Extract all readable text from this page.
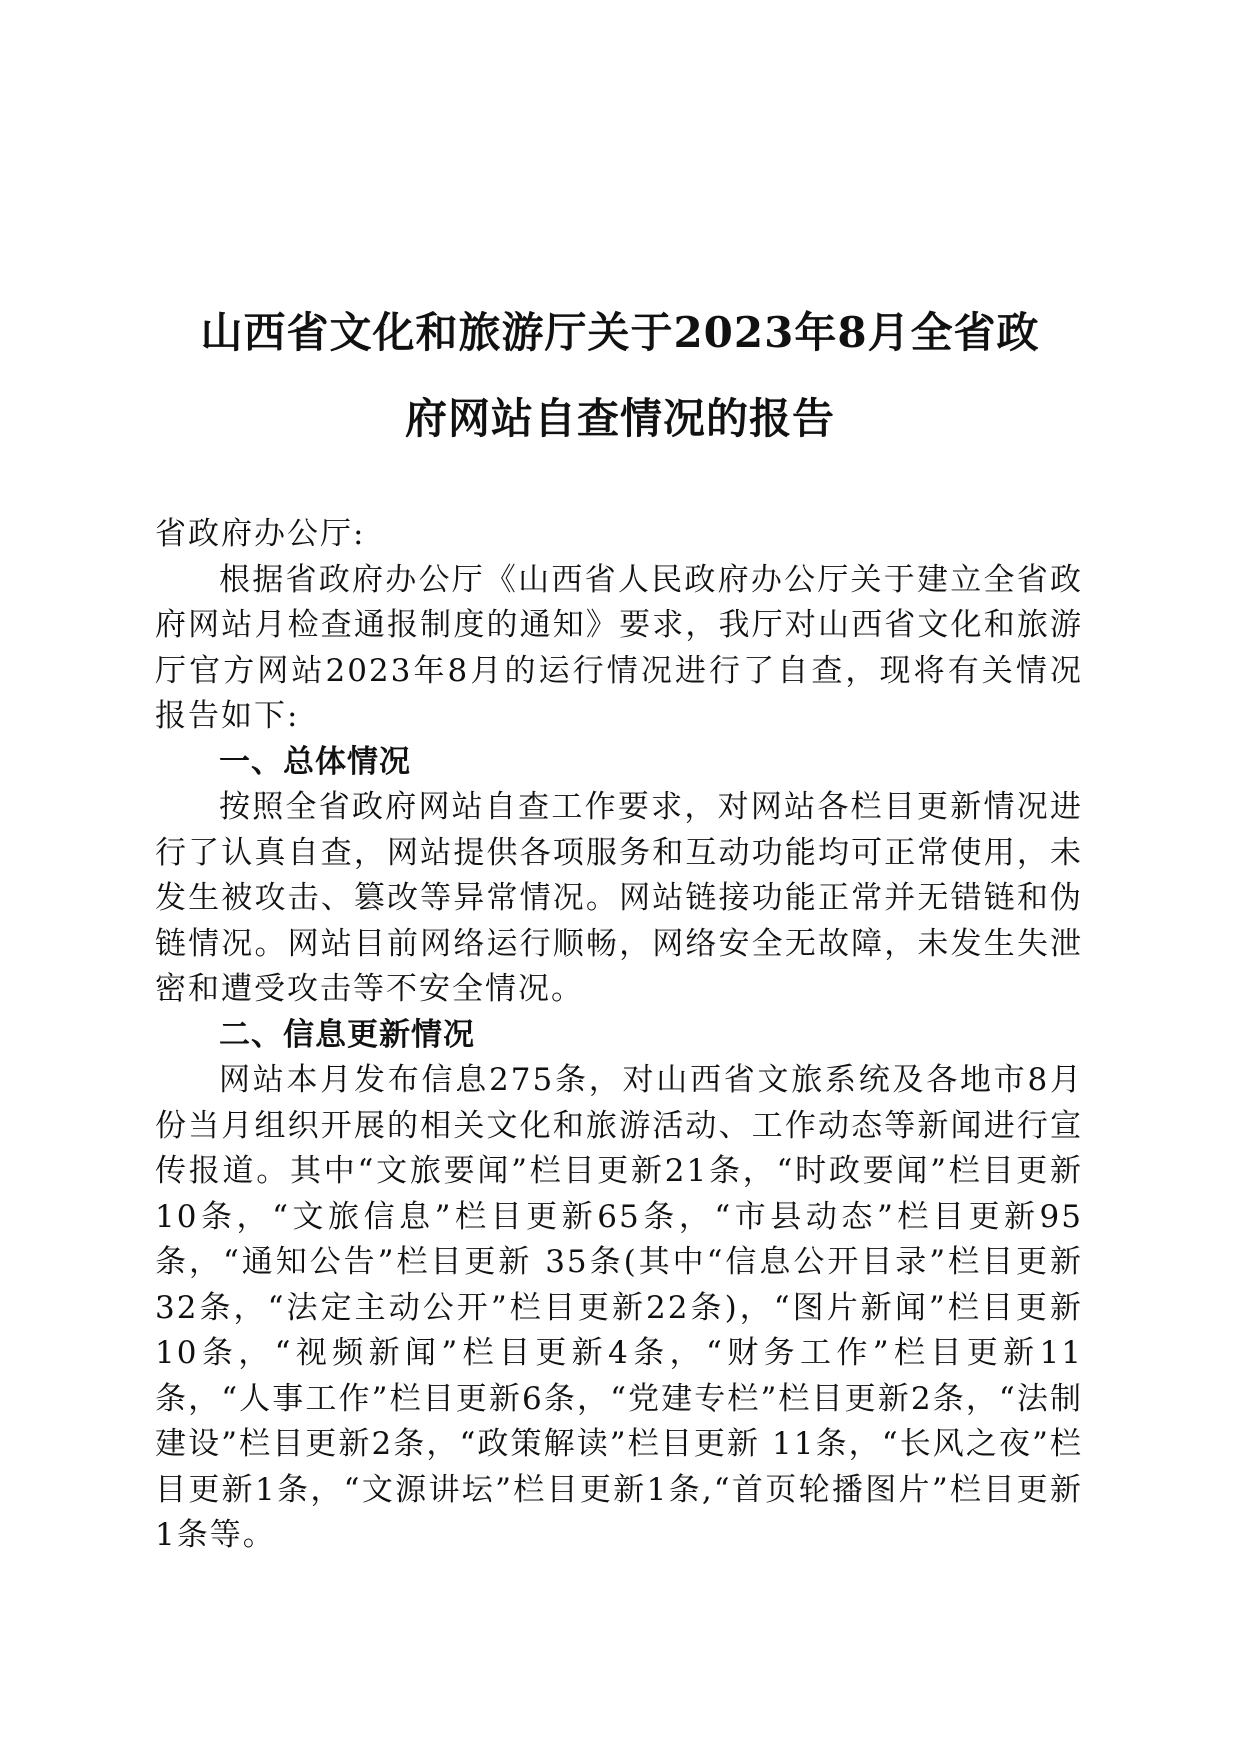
山西省文化和旅游厅关于2023年8月全省政
府网站自查情况的报告

省政府办公厅:

根据省政府办公厅《山西省人民政府办公厅关于建立全省政府网站月检查通报制度的通知》要求，我厅对山西省文化和旅游厅官方网站2023年8月的运行情况进行了自查，现将有关情况报告如下:

一、总体情况

按照全省政府网站自查工作要求，对网站各栏目更新情况进行了认真自查，网站提供各项服务和互动功能均可正常使用，未发生被攻击、篡改等异常情况。网站链接功能正常并无错链和伪链情况。网站目前网络运行顺畅，网络安全无故障，未发生失泄密和遭受攻击等不安全情况。

二、信息更新情况

网站本月发布信息275条，对山西省文旅系统及各地市8月份当月组织开展的相关文化和旅游活动、工作动态等新闻进行宣传报道。其中“文旅要闻”栏目更新21条，“时政要闻”栏目更新 10条，“文旅信息”栏目更新65条，“市县动态”栏目更新95条，“通知公告”栏目更新 35条(其中“信息公开目录”栏目更新32条，“法定主动公开”栏目更新22条)，“图片新闻”栏目更新10条，“视频新闻”栏目更新4条，“财务工作”栏目更新11条，“人事工作”栏目更新6条，“党建专栏”栏目更新2条，“法制建设”栏目更新2条，“政策解读”栏目更新 11条，“长风之夜”栏目更新1条，“文源讲坛”栏目更新1条,“首页轮播图片”栏目更新1条等。
